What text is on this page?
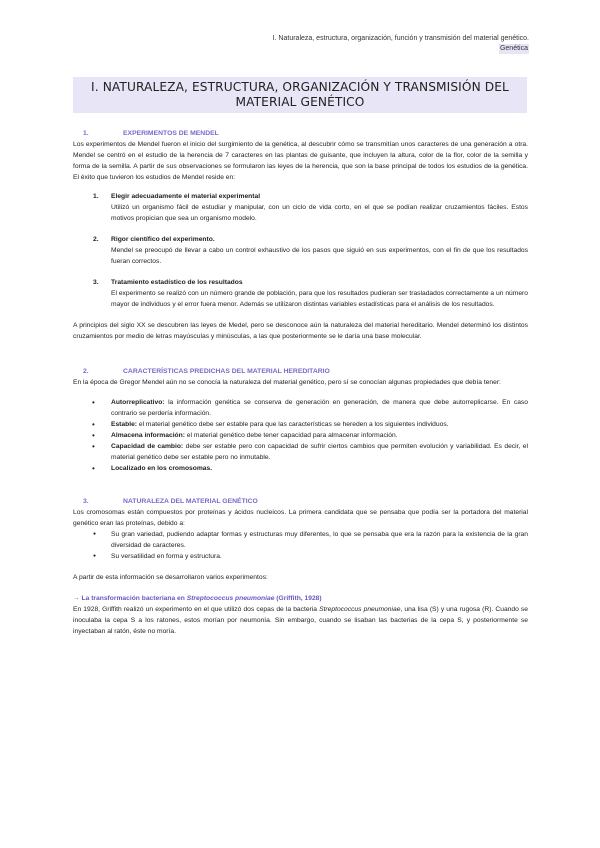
I. Naturaleza, estructura, organización, función y transmisión del material genético.
Genética
I. NATURALEZA, ESTRUCTURA, ORGANIZACIÓN Y TRANSMISIÓN DEL
MATERIAL GENÉTICO
1.	EXPERIMENTOS DE MENDEL

Los experimentos de Mendel fueron el inicio del surgimiento de la genética, al descubrir cómo se transmitían unos caracteres de una generación a otra. Mendel se centró en el estudio de la herencia de 7 caracteres en las plantas de guisante, que incluyen la altura, color de la flor, color de la semilla y forma de la semilla. A partir de sus observaciones se formularon las leyes de la herencia, que son la base principal de todos los estudios de la genética. El éxito que tuvieron los estudios de Mendel reside en:

1. Elegir adecuadamente el material experimental
Utilizó un organismo fácil de estudiar y manipular, con un ciclo de vida corto, en el que se podían realizar cruzamientos fáciles. Estos motivos propician que sea un organismo modelo.
2. Rigor científico del experimento.
Mendel se preocupó de llevar a cabo un control exhaustivo de los pasos que siguió en sus experimentos, con el fin de que los resultados fueran correctos.
3. Tratamiento estadístico de los resultados
El experimento se realizó con un número grande de población, para que los resultados pudieran ser trasladados correctamente a un número mayor de individuos y el error fuera menor. Además se utilizaron distintas variables estadísticas para el análisis de los resultados.

A principios del siglo XX se descubren las leyes de Medel, pero se desconoce aún la naturaleza del material hereditario. Mendel determinó los distintos cruzamientos por medio de letras mayúsculas y minúsculas, a las que posteriormente se le daría una base molecular.

2.	CARACTERÍSTICAS PREDICHAS DEL MATERIAL HEREDITARIO

En la época de Gregor Mendel aún no se conocía la naturaleza del material genético, pero sí se conocían algunas propiedades que debía tener:

• Autorreplicativo: la información genética se conserva de generación en generación, de manera que debe autorreplicarse. En caso contrario se perdería información.
• Estable: el material genético debe ser estable para que las características se hereden a los siguientes individuos.
• Almacena información: el material genético debe tener capacidad para almacenar información.
• Capacidad de cambio: debe ser estable pero con capacidad de sufrir ciertos cambios que permiten evolución y variabilidad. Es decir, el material genético debe ser estable pero no inmutable.
• Localizado en los cromosomas.
3.	NATURALEZA DEL MATERIAL GENÉTICO

Los cromosomas están compuestos por proteínas y ácidos nucleicos. La primera candidata que se pensaba que podía ser la portadora del material genético eran las proteínas, debido a:

● Su gran variedad, pudiendo adaptar formas y estructuras muy diferentes, lo que se pensaba que era la razón para la existencia de la gran diversidad de caracteres.
● Su versatilidad en forma y estructura.

A partir de esta información se desarrollaron varios experimentos:

→ La transformación bacteriana en Streptococcus pneumoniae (Griffith, 1928)

En 1928, Griffith realizó un experimento en el que utilizó dos cepas de la bacteria Streptococcus pneumoniae, una lisa (S) y una rugosa (R). Cuando se inoculaba la cepa S a los ratones, estos morían por neumonía. Sin embargo, cuando se lisaban las bacterias de la cepa S, y posteriormente se inyectaban al ratón, éste no moría.
